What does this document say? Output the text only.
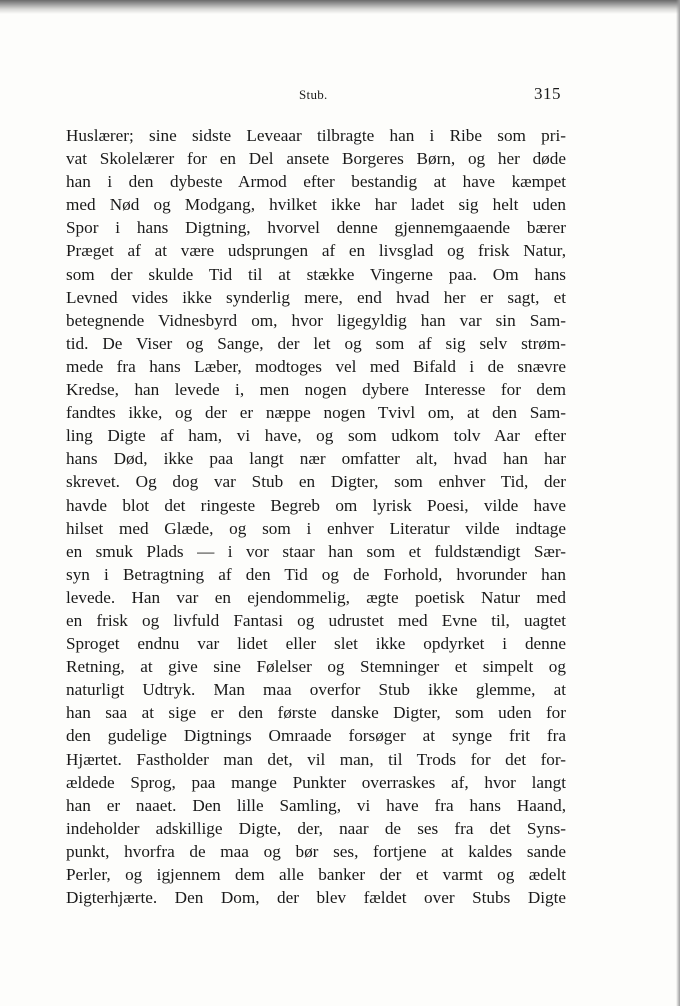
Stub.	315
Huslærer; sine sidste Leveaar tilbragte han i Ribe som pri-
vat Skolelærer for en Del ansete Borgeres Børn, og her døde
han i den dybeste Armod efter bestandig at have kæmpet
med Nød og Modgang, hvilket ikke har ladet sig helt uden
Spor i hans Digtning, hvorvel denne gjennemgaaende bærer
Præget af at være udsprungen af en livsglad og frisk Natur,
som der skulde Tid til at stække Vingerne paa. Om hans
Levned vides ikke synderlig mere, end hvad her er sagt, et
betegnende Vidnesbyrd om, hvor ligegyldig han var sin Sam-
tid. De Viser og Sange, der let og som af sig selv strøm-
mede fra hans Læber, modtoges vel med Bifald i de snævre
Kredse, han levede i, men nogen dybere Interesse for dem
fandtes ikke, og der er næppe nogen Tvivl om, at den Sam-
ling Digte af ham, vi have, og som udkom tolv Aar efter
hans Død, ikke paa langt nær omfatter alt, hvad han har
skrevet. Og dog var Stub en Digter, som enhver Tid, der
havde blot det ringeste Begreb om lyrisk Poesi, vilde have
hilset med Glæde, og som i enhver Literatur vilde indtage
en smuk Plads — i vor staar han som et fuldstændigt Sær-
syn i Betragtning af den Tid og de Forhold, hvorunder han
levede. Han var en ejendommelig, ægte poetisk Natur med
en frisk og livfuld Fantasi og udrustet med Evne til, uagtet
Sproget endnu var lidet eller slet ikke opdyrket i denne
Retning, at give sine Følelser og Stemninger et simpelt og
naturligt Udtryk. Man maa overfor Stub ikke glemme, at
han saa at sige er den første danske Digter, som uden for
den gudelige Digtnings Omraade forsøger at synge frit fra
Hjærtet. Fastholder man det, vil man, til Trods for det for-
ældede Sprog, paa mange Punkter overraskes af, hvor langt
han er naaet. Den lille Samling, vi have fra hans Haand,
indeholder adskillige Digte, der, naar de ses fra det Syns-
punkt, hvorfra de maa og bør ses, fortjene at kaldes sande
Perler, og igjennem dem alle banker der et varmt og ædelt
Digterhjærte. Den Dom, der blev fældet over Stubs Digte
